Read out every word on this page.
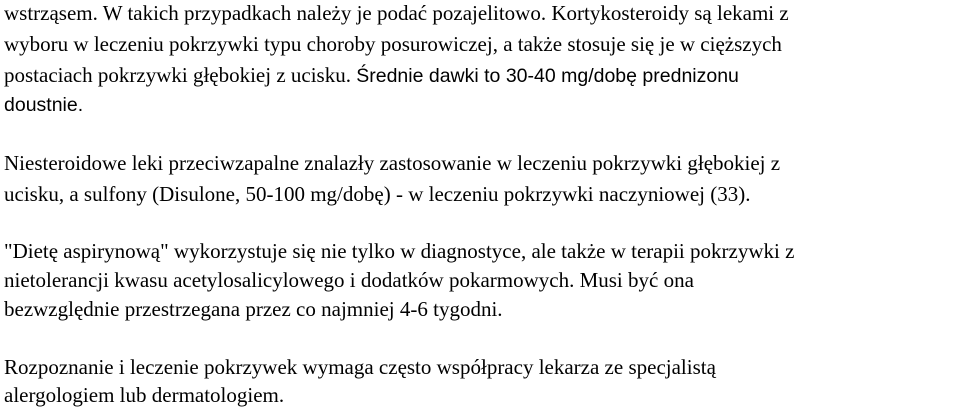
wstrząsem. W takich przypadkach należy je podać pozajelitowo. Kortykosteroidy są lekami z

wyboru w leczeniu pokrzywki typu choroby posurowiczej, a także stosuje się je w cięższych

postaciach pokrzywki głębokiej z ucisku. Średnie dawki to 30-40 mg/dobę prednizonu

doustnie.

Niesteroidowe leki przeciwzapalne znalazły zastosowanie w leczeniu pokrzywki głębokiej z

ucisku, a sulfony (Disulone, 50-100 mg/dobę) - w leczeniu pokrzywki naczyniowej (33).

"Dietę aspirynową" wykorzystuje się nie tylko w diagnostyce, ale także w terapii pokrzywki z

nietolerancji kwasu acetylosalicylowego i dodatków pokarmowych. Musi być ona

bezwzględnie przestrzegana przez co najmniej 4-6 tygodni.

Rozpoznanie i leczenie pokrzywek wymaga często współpracy lekarza ze specjalistą

alergologiem lub dermatologiem.
